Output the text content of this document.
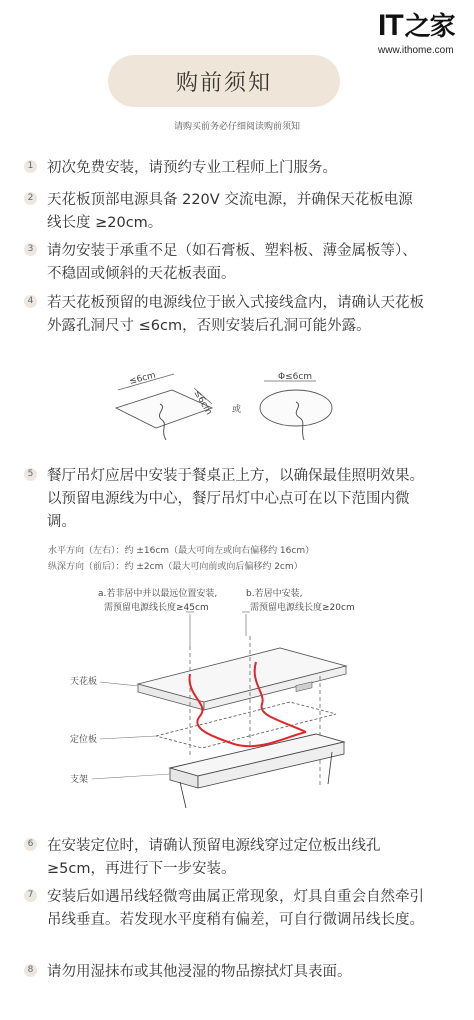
IT之家
www.ithome.com
购前须知
请购买前务必仔细阅读购前须知
1 初次免费安装，请预约专业工程师上门服务。
2 天花板顶部电源具备 220V 交流电源，并确保天花板电源线长度 ≥20cm。
3 请勿安装于承重不足（如石膏板、塑料板、薄金属板等）、不稳固或倾斜的天花板表面。
4 若天花板预留的电源线位于嵌入式接线盒内，请确认天花板外露孔洞尺寸 ≤6cm，否则安装后孔洞可能外露。
≤6cm
≤6cm 或
Φ≤6cm
5 餐厅吊灯应居中安装于餐桌正上方，以确保最佳照明效果。以预留电源线为中心，餐厅吊灯中心点可在以下范围内微调。
水平方向（左右）：约 ±16cm（最大可向左或向右偏移约 16cm）
纵深方向（前后）：约 ±2cm（最大可向前或向后偏移约 2cm）
a.若非居中并以最远位置安装,
需预留电源线长度≥45cm
b.若居中安装,
需预留电源线长度≥20cm
天花板
定位板
支架
6 在安装定位时，请确认预留电源线穿过定位板出线孔≥5cm，再进行下一步安装。
7 安装后如遇吊线轻微弯曲属正常现象，灯具自重会自然牵引吊线垂直。若发现水平度稍有偏差，可自行微调吊线长度。
8 请勿用湿抹布或其他浸湿的物品擦拭灯具表面。
